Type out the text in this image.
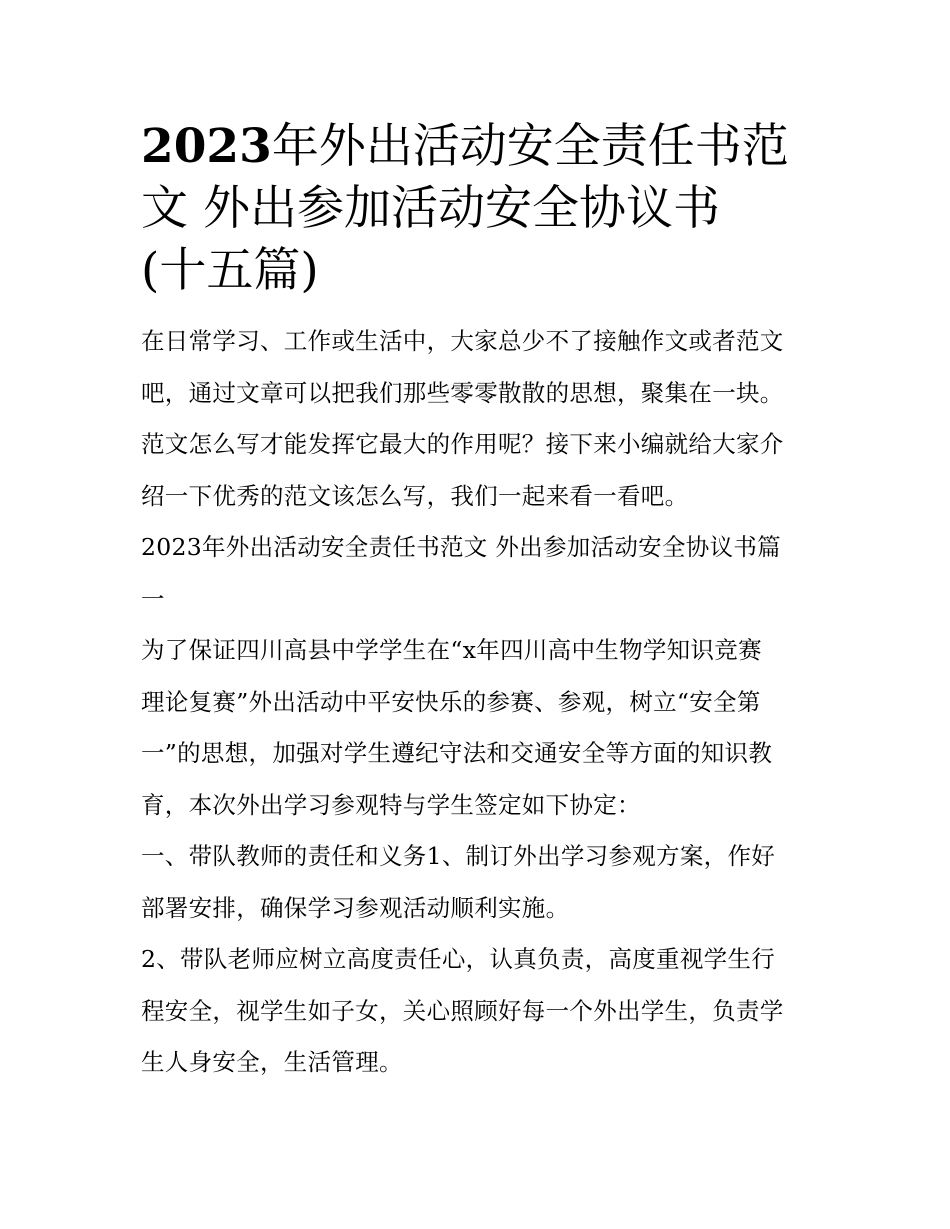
2023年外出活动安全责任书范
文 外出参加活动安全协议书
(十五篇)

在日常学习、工作或生活中，大家总少不了接触作文或者范文
吧，通过文章可以把我们那些零零散散的思想，聚集在一块。
范文怎么写才能发挥它最大的作用呢？接下来小编就给大家介
绍一下优秀的范文该怎么写，我们一起来看一看吧。

2023年外出活动安全责任书范文 外出参加活动安全协议书篇
一

为了保证四川高县中学学生在“x年四川高中生物学知识竞赛
理论复赛”外出活动中平安快乐的参赛、参观，树立“安全第
一”的思想，加强对学生遵纪守法和交通安全等方面的知识教
育，本次外出学习参观特与学生签定如下协定：

一、带队教师的责任和义务1、制订外出学习参观方案，作好
部署安排，确保学习参观活动顺利实施。

2、带队老师应树立高度责任心，认真负责，高度重视学生行
程安全，视学生如子女，关心照顾好每一个外出学生，负责学
生人身安全，生活管理。
